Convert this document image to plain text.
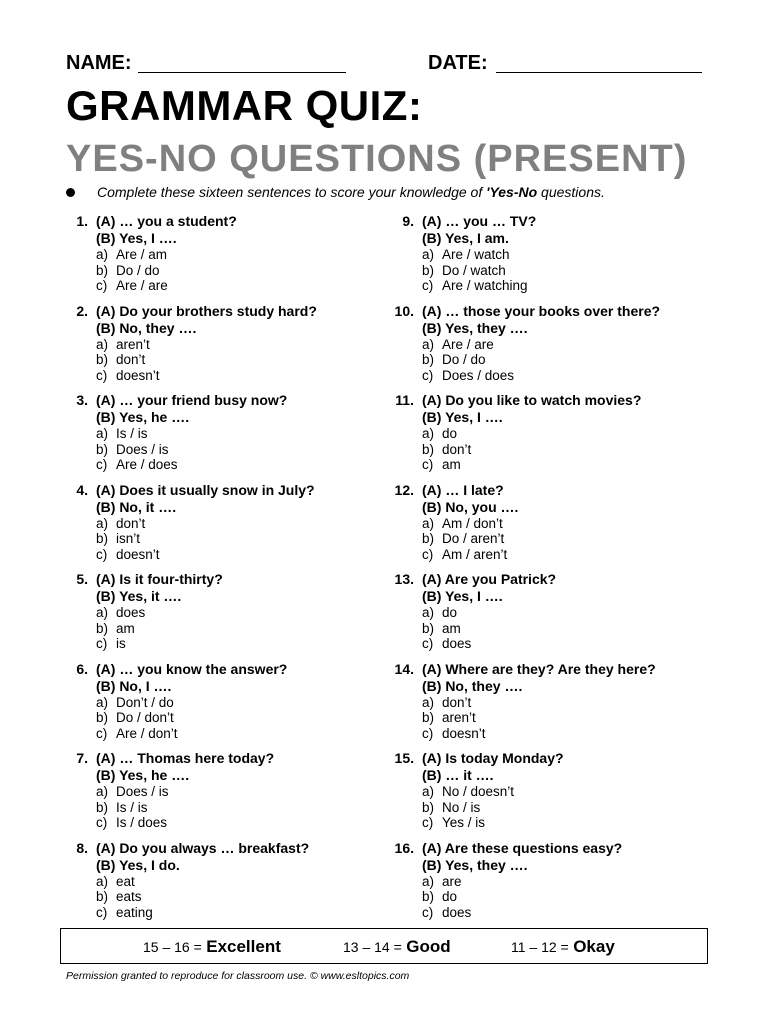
NAME:	DATE:
GRAMMAR QUIZ:
YES-NO QUESTIONS (PRESENT)
Complete these sixteen sentences to score your knowledge of 'Yes-No questions.
1. (A) … you a student?
(B) Yes, I ….
a) Are / am
b) Do / do
c) Are / are
2. (A) Do your brothers study hard?
(B) No, they ….
a) aren’t
b) don’t
c) doesn’t
3. (A) … your friend busy now?
(B) Yes, he ….
a) Is / is
b) Does / is
c) Are / does
4. (A) Does it usually snow in July?
(B) No, it ….
a) don’t
b) isn’t
c) doesn’t
5. (A) Is it four-thirty?
(B) Yes, it ….
a) does
b) am
c) is
6. (A) … you know the answer?
(B) No, I ….
a) Don’t / do
b) Do / don’t
c) Are / don’t
7. (A) … Thomas here today?
(B) Yes, he ….
a) Does / is
b) Is / is
c) Is / does
8. (A) Do you always … breakfast?
(B) Yes, I do.
a) eat
b) eats
c) eating
9. (A) … you … TV?
(B) Yes, I am.
a) Are / watch
b) Do / watch
c) Are / watching
10. (A) … those your books over there?
(B) Yes, they ….
a) Are / are
b) Do / do
c) Does / does
11. (A) Do you like to watch movies?
(B) Yes, I ….
a) do
b) don’t
c) am
12. (A) … I late?
(B) No, you ….
a) Am / don’t
b) Do / aren’t
c) Am / aren’t
13. (A) Are you Patrick?
(B) Yes, I ….
a) do
b) am
c) does
14. (A) Where are they? Are they here?
(B) No, they ….
a) don’t
b) aren’t
c) doesn’t
15. (A) Is today Monday?
(B) … it ….
a) No / doesn’t
b) No / is
c) Yes / is
16. (A) Are these questions easy?
(B) Yes, they ….
a) are
b) do
c) does
15 – 16 = Excellent	13 – 14 = Good	11 – 12 = Okay
Permission granted to reproduce for classroom use. © www.esltopics.com
